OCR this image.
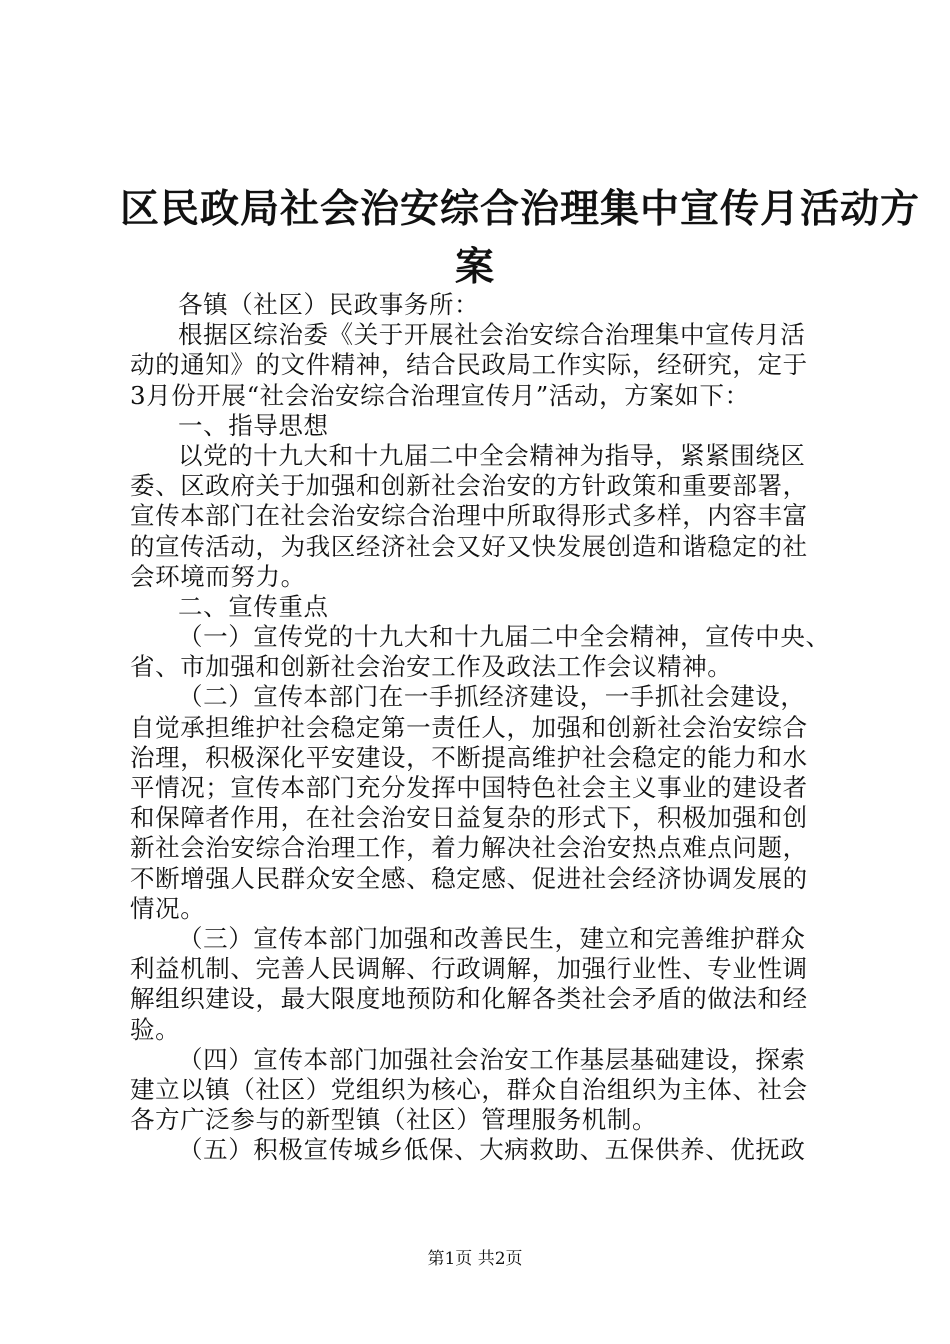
区民政局社会治安综合治理集中宣传月活动方
案
各镇（社区）民政事务所：
根据区综治委《关于开展社会治安综合治理集中宣传月活
动的通知》的文件精神，结合民政局工作实际，经研究，定于
3月份开展“社会治安综合治理宣传月”活动，方案如下：
一、指导思想
以党的十九大和十九届二中全会精神为指导，紧紧围绕区
委、区政府关于加强和创新社会治安的方针政策和重要部署，
宣传本部门在社会治安综合治理中所取得形式多样，内容丰富
的宣传活动，为我区经济社会又好又快发展创造和谐稳定的社
会环境而努力。
二、宣传重点
（一）宣传党的十九大和十九届二中全会精神，宣传中央、
省、市加强和创新社会治安工作及政法工作会议精神。
（二）宣传本部门在一手抓经济建设，一手抓社会建设，
自觉承担维护社会稳定第一责任人，加强和创新社会治安综合
治理，积极深化平安建设，不断提高维护社会稳定的能力和水
平情况；宣传本部门充分发挥中国特色社会主义事业的建设者
和保障者作用，在社会治安日益复杂的形式下，积极加强和创
新社会治安综合治理工作，着力解决社会治安热点难点问题，
不断增强人民群众安全感、稳定感、促进社会经济协调发展的
情况。
（三）宣传本部门加强和改善民生，建立和完善维护群众
利益机制、完善人民调解、行政调解，加强行业性、专业性调
解组织建设，最大限度地预防和化解各类社会矛盾的做法和经
验。
（四）宣传本部门加强社会治安工作基层基础建设，探索
建立以镇（社区）党组织为核心，群众自治组织为主体、社会
各方广泛参与的新型镇（社区）管理服务机制。
（五）积极宣传城乡低保、大病救助、五保供养、优抚政
第1页 共2页
